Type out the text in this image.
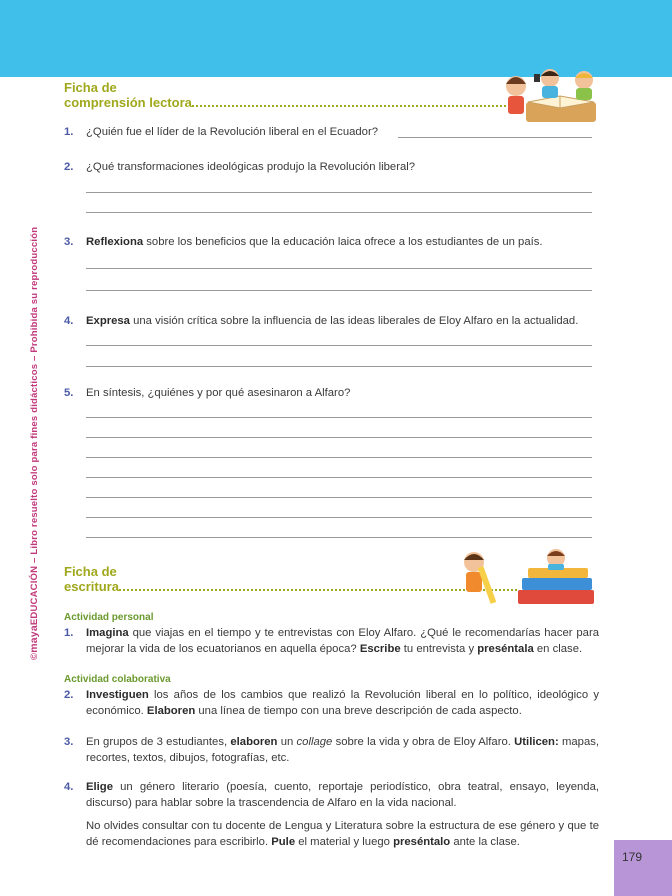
©mayaEDUCACIÓN – Libro resuelto solo para fines didácticos – Prohibida su reproducción
Ficha de
comprensión lectora
1. ¿Quién fue el líder de la Revolución liberal en el Ecuador?
2. ¿Qué transformaciones ideológicas produjo la Revolución liberal?
3. Reflexiona sobre los beneficios que la educación laica ofrece a los estudiantes de un país.
4. Expresa una visión crítica sobre la influencia de las ideas liberales de Eloy Alfaro en la actualidad.
5. En síntesis, ¿quiénes y por qué asesinaron a Alfaro?
Ficha de
escritura
Actividad personal
1. Imagina que viajas en el tiempo y te entrevistas con Eloy Alfaro. ¿Qué le recomendarías hacer para mejorar la vida de los ecuatorianos en aquella época? Escribe tu entrevista y preséntala en clase.
Actividad colaborativa
2. Investiguen los años de los cambios que realizó la Revolución liberal en lo político, ideológico y económico. Elaboren una línea de tiempo con una breve descripción de cada aspecto.
3. En grupos de 3 estudiantes, elaboren un collage sobre la vida y obra de Eloy Alfaro. Utilicen: mapas, recortes, textos, dibujos, fotografías, etc.
4. Elige un género literario (poesía, cuento, reportaje periodístico, obra teatral, ensayo, leyenda, discurso) para hablar sobre la trascendencia de Alfaro en la vida nacional.
No olvides consultar con tu docente de Lengua y Literatura sobre la estructura de ese género y que te dé recomendaciones para escribirlo. Pule el material y luego preséntalo ante la clase.
179
